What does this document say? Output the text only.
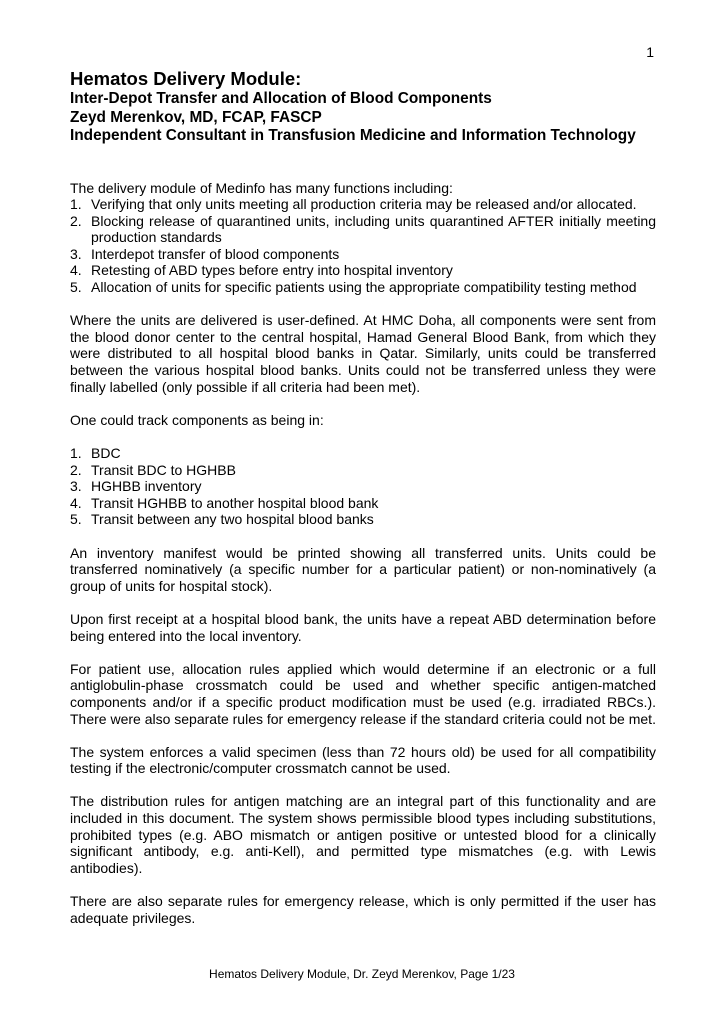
1
Hematos Delivery Module:
Inter-Depot Transfer and Allocation of Blood Components
Zeyd Merenkov, MD, FCAP, FASCP
Independent Consultant in Transfusion Medicine and Information Technology

The delivery module of Medinfo has many functions including:

1. Verifying that only units meeting all production criteria may be released and/or allocated.
2. Blocking release of quarantined units, including units quarantined AFTER initially meeting production standards
3. Interdepot transfer of blood components
4. Retesting of ABD types before entry into hospital inventory
5. Allocation of units for specific patients using the appropriate compatibility testing method

Where the units are delivered is user-defined. At HMC Doha, all components were sent from the blood donor center to the central hospital, Hamad General Blood Bank, from which they were distributed to all hospital blood banks in Qatar. Similarly, units could be transferred between the various hospital blood banks. Units could not be transferred unless they were finally labelled (only possible if all criteria had been met).

One could track components as being in:

1. BDC
2. Transit BDC to HGHBB
3. HGHBB inventory
4. Transit HGHBB to another hospital blood bank
5. Transit between any two hospital blood banks

An inventory manifest would be printed showing all transferred units. Units could be transferred nominatively (a specific number for a particular patient) or non-nominatively (a group of units for hospital stock).

Upon first receipt at a hospital blood bank, the units have a repeat ABD determination before being entered into the local inventory.

For patient use, allocation rules applied which would determine if an electronic or a full antiglobulin-phase crossmatch could be used and whether specific antigen-matched components and/or if a specific product modification must be used (e.g. irradiated RBCs.). There were also separate rules for emergency release if the standard criteria could not be met.

The system enforces a valid specimen (less than 72 hours old) be used for all compatibility testing if the electronic/computer crossmatch cannot be used.

The distribution rules for antigen matching are an integral part of this functionality and are included in this document. The system shows permissible blood types including substitutions, prohibited types (e.g. ABO mismatch or antigen positive or untested blood for a clinically significant antibody, e.g. anti-Kell), and permitted type mismatches (e.g. with Lewis antibodies).

There are also separate rules for emergency release, which is only permitted if the user has adequate privileges.

Hematos Delivery Module, Dr. Zeyd Merenkov, Page 1/23
